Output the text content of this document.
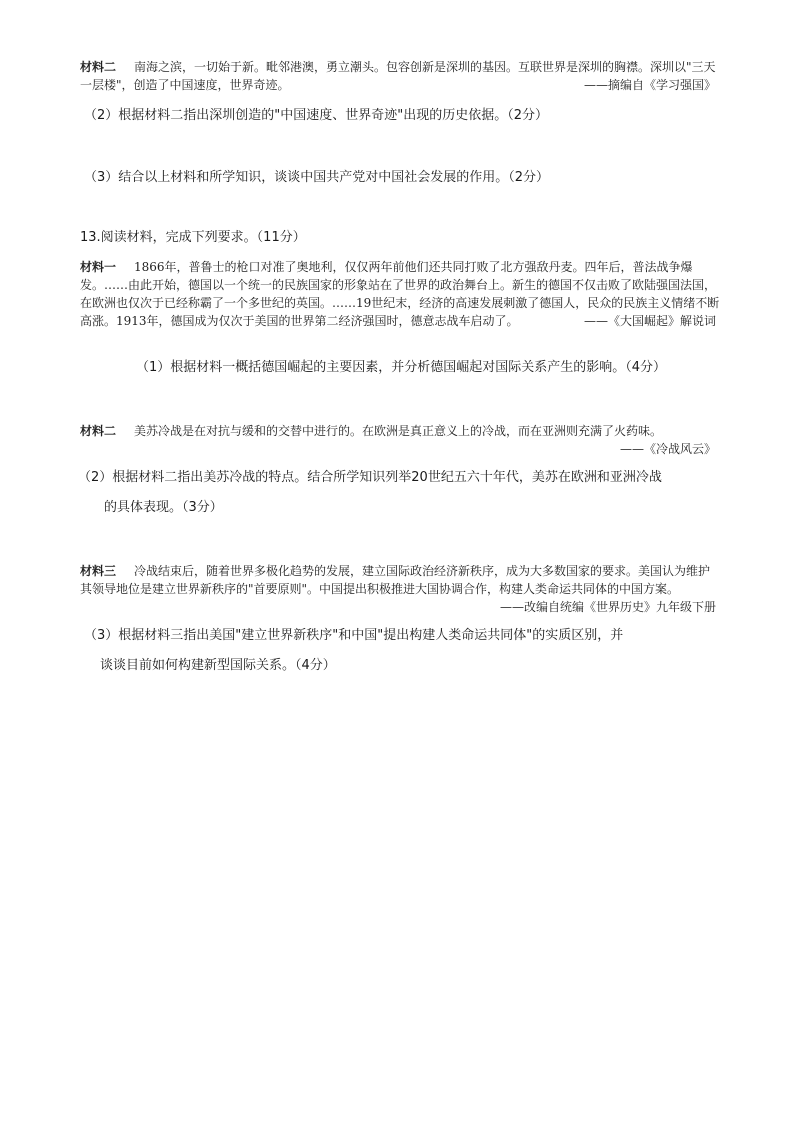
材料二 南海之滨，一切始于新。毗邻港澳，勇立潮头。包容创新是深圳的基因。互联世界是深圳的胸襟。深圳以"三天一层楼"，创造了中国速度，世界奇迹。	——摘编自《学习强国》
（2）根据材料二指出深圳创造的"中国速度、世界奇迹"出现的历史依据。（2分）
（3）结合以上材料和所学知识，谈谈中国共产党对中国社会发展的作用。（2分）
13.阅读材料，完成下列要求。（11分）
材料一 1866年，普鲁士的枪口对准了奥地利，仅仅两年前他们还共同打败了北方强敌丹麦。四年后，普法战争爆发。……由此开始，德国以一个统一的民族国家的形象站在了世界的政治舞台上。新生的德国不仅击败了欧陆强国法国，在欧洲也仅次于已经称霸了一个多世纪的英国。……19世纪末，经济的高速发展刺激了德国人，民众的民族主义情绪不断高涨。1913年，德国成为仅次于美国的世界第二经济强国时，德意志战车启动了。	——《大国崛起》解说词
（1）根据材料一概括德国崛起的主要因素，并分析德国崛起对国际关系产生的影响。（4分）
材料二 美苏冷战是在对抗与缓和的交替中进行的。在欧洲是真正意义上的冷战，而在亚洲则充满了火药味。
——《冷战风云》
（2）根据材料二指出美苏冷战的特点。结合所学知识列举20世纪五六十年代，美苏在欧洲和亚洲冷战
的具体表现。（3分）
材料三 冷战结束后，随着世界多极化趋势的发展，建立国际政治经济新秩序，成为大多数国家的要求。美国认为维护其领导地位是建立世界新秩序的"首要原则"。中国提出积极推进大国协调合作，构建人类命运共同体的中国方案。
——改编自统编《世界历史》九年级下册
（3）根据材料三指出美国"建立世界新秩序"和中国"提出构建人类命运共同体"的实质区别，并
谈谈目前如何构建新型国际关系。（4分）
